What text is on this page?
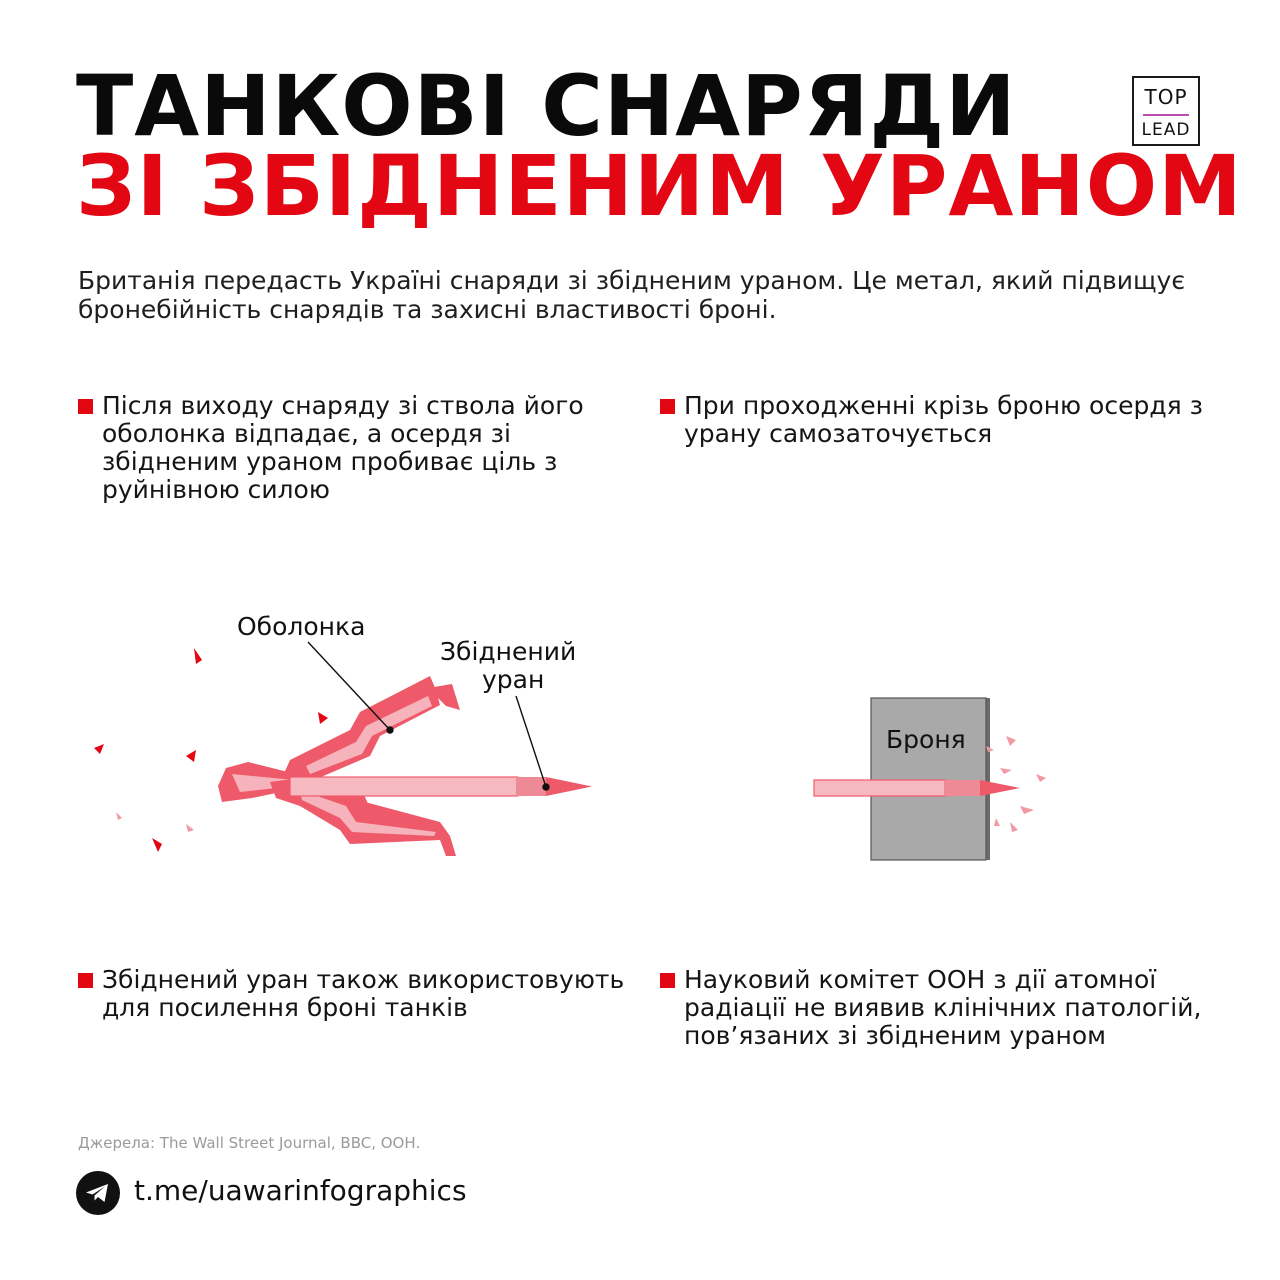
ТАНКОВІ СНАРЯДИ
ЗІ ЗБІДНЕНИМ УРАНОМ
TOP
LEAD

Британія передасть Україні снаряди зі збідненим ураном. Це метал, який підвищує бронебійність снарядів та захисні властивості броні.

Після виходу снаряду зі ствола його оболонка відпадає, а осердя зі збідненим ураном пробиває ціль з руйнівною силою
При проходженні крізь броню осердя з урану самозаточується
Оболонка
Збіднений
уран
Броня
Збіднений уран також використовують для посилення броні танків
Науковий комітет ООН з дії атомної радіації не виявив клінічних патологій, пов’язаних зі збідненим ураном
Джерела: The Wall Street Journal, BBC, ООН.
t.me/uawarinfographics
